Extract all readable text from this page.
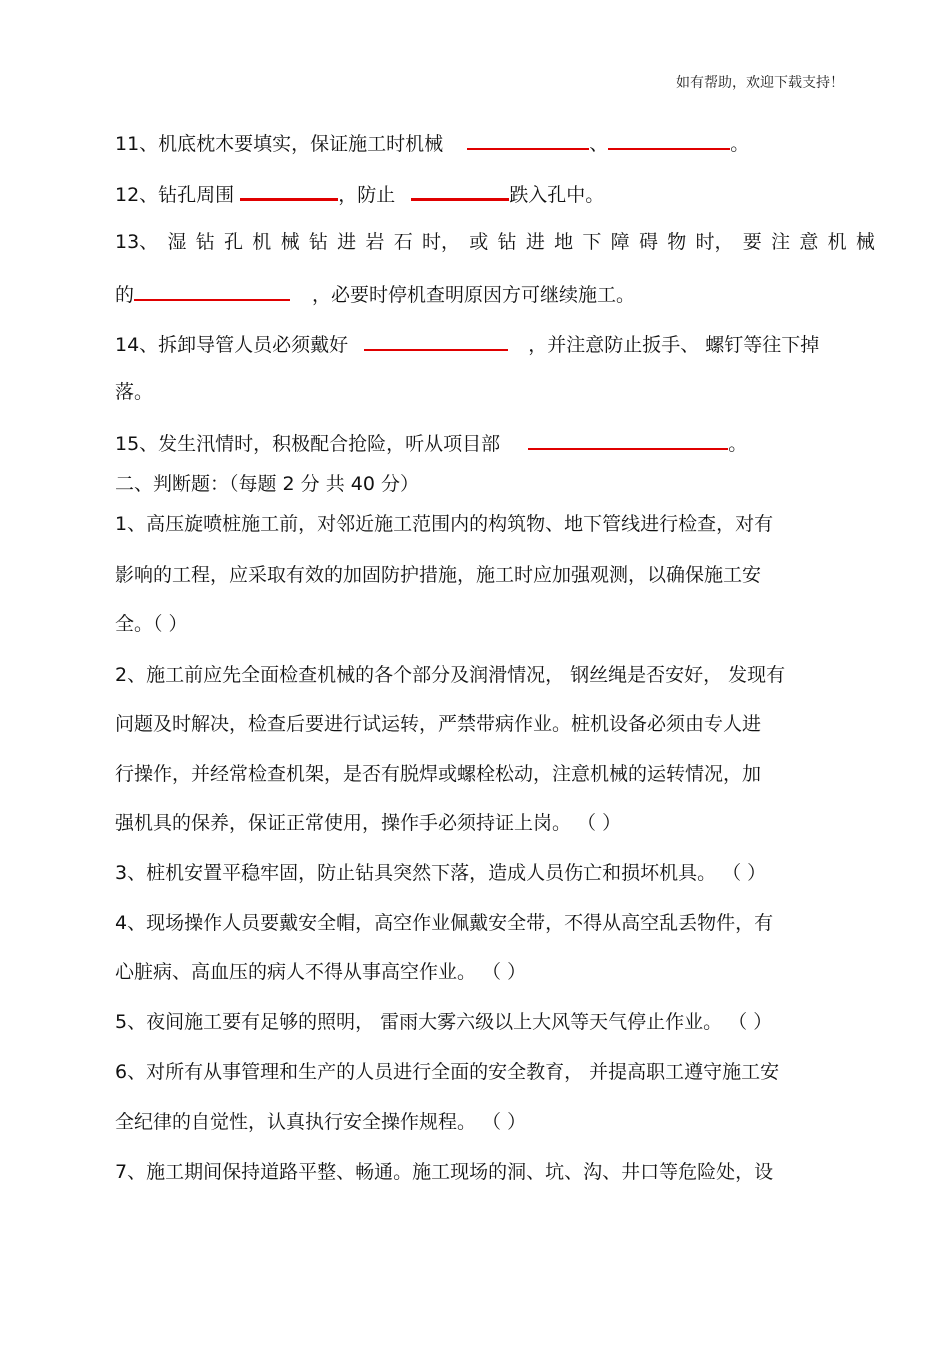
如有帮助，欢迎下载支持！
11、机底枕木要填实，保证施工时机械	、	。
12、钻孔周围	，防止	跌入孔中。
13、 湿 钻 孔 机 械 钻 进 岩 石 时， 或 钻 进 地 下 障 碍 物 时， 要 注 意 机 械
的	，必要时停机查明原因方可继续施工。
14、拆卸导管人员必须戴好	，并注意防止扳手、 螺钉等往下掉
落。
15、发生汛情时，积极配合抢险，听从项目部	。
二、判断题：（每题 2 分 共 40 分）
1、高压旋喷桩施工前，对邻近施工范围内的构筑物、地下管线进行检查，对有
影响的工程，应采取有效的加固防护措施，施工时应加强观测，以确保施工安
全。（ ）
2、施工前应先全面检查机械的各个部分及润滑情况， 钢丝绳是否安好， 发现有
问题及时解决，检查后要进行试运转，严禁带病作业。桩机设备必须由专人进
行操作，并经常检查机架，是否有脱焊或螺栓松动，注意机械的运转情况，加
强机具的保养，保证正常使用，操作手必须持证上岗。 （ ）
3、桩机安置平稳牢固，防止钻具突然下落，造成人员伤亡和损坏机具。 （ ）
4、现场操作人员要戴安全帽，高空作业佩戴安全带，不得从高空乱丢物件，有
心脏病、高血压的病人不得从事高空作业。 （ ）
5、夜间施工要有足够的照明， 雷雨大雾六级以上大风等天气停止作业。 （ ）
6、对所有从事管理和生产的人员进行全面的安全教育， 并提高职工遵守施工安
全纪律的自觉性，认真执行安全操作规程。 （ ）
7、施工期间保持道路平整、畅通。施工现场的洞、坑、沟、井口等危险处，设
